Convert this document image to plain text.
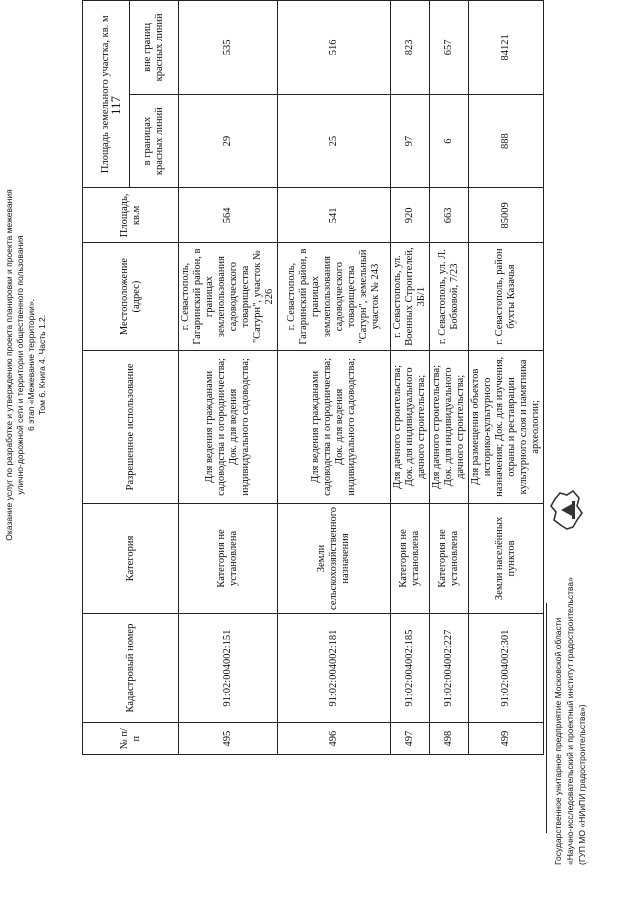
117
Оказание услуг по разработке и утверждению проекта планировки и проекта межевания улично-дорожной сети и территории общественного пользования 6 этап «Межевание территории». Том 6. Книга 4. Часть 1.2.
№ п/п	Кадастровый номер	Категория	Разрешенное использование	Местоположение (адрес)	Площадь, кв.м	Площадь земельного участка, кв. м	
						в границах красных линий	вне границ красных линий
495	91:02:004002:151	Категория не установлена	Для ведения гражданами садоводства и огородничества; Док. для ведения индивидуального садоводства;	г. Севастополь, Гагаринский район, в границах землепользования садоводческого товарищества "Сатурн", участок № 226	564	29	535
496	91:02:004002:181	Земли сельскохозяйственного назначения	Для ведения гражданами садоводства и огородничества; Док. для ведения индивидуального садоводства;	г. Севастополь, Гагаринский район, в границах землепользования садоводческого товарищества "Сатурн", земельный участок № 243	541	25	516
497	91:02:004002:185	Категория не установлена	Для дачного строительства; Док. для индивидуального дачного строительства;	г. Севастополь, ул. Военных Строителей, 3Б/1	920	97	823
498	91:02:004002:227	Категория не установлена	Для дачного строительства; Док. для индивидуального дачного строительства;	г. Севастополь, ул. Л. Бобковой, 7/23	663	6	657
499	91:02:004002:301	Земли населённых пунктов	Для размещения объектов историко-культурного назначения; Док. для изучения, охраны и реставрации культурного слоя и памятника археологии;	г. Севастополь, район бухты Казачья	85009	888	84121
Государственное унитарное предприятие Московской области «Научно-исследовательский и проектный институт градостроительства» (ГУП МО «НИиПИ градостроительства»)
